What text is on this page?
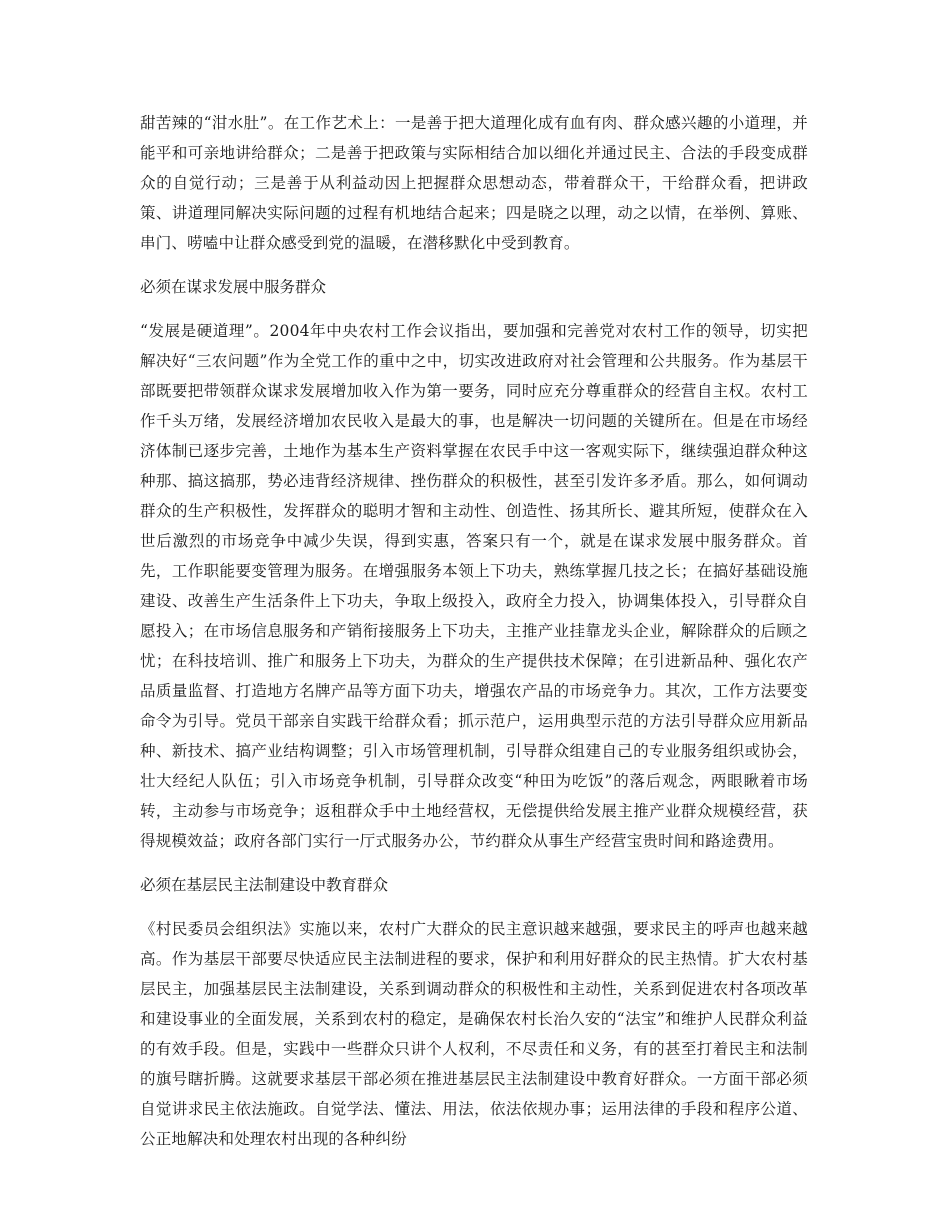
甜苦辣的“泔水肚”。在工作艺术上：一是善于把大道理化成有血有肉、群众感兴趣的小道理，并能平和可亲地讲给群众；二是善于把政策与实际相结合加以细化并通过民主、合法的手段变成群众的自觉行动；三是善于从利益动因上把握群众思想动态，带着群众干，干给群众看，把讲政策、讲道理同解决实际问题的过程有机地结合起来；四是晓之以理，动之以情，在举例、算账、串门、唠嗑中让群众感受到党的温暖，在潜移默化中受到教育。

必须在谋求发展中服务群众

“发展是硬道理”。2004年中央农村工作会议指出，要加强和完善党对农村工作的领导，切实把解决好“三农问题”作为全党工作的重中之中，切实改进政府对社会管理和公共服务。作为基层干部既要把带领群众谋求发展增加收入作为第一要务，同时应充分尊重群众的经营自主权。农村工作千头万绪，发展经济增加农民收入是最大的事，也是解决一切问题的关键所在。但是在市场经济体制已逐步完善，土地作为基本生产资料掌握在农民手中这一客观实际下，继续强迫群众种这种那、搞这搞那，势必违背经济规律、挫伤群众的积极性，甚至引发许多矛盾。那么，如何调动群众的生产积极性，发挥群众的聪明才智和主动性、创造性、扬其所长、避其所短，使群众在入世后激烈的市场竞争中减少失误，得到实惠，答案只有一个，就是在谋求发展中服务群众。首先，工作职能要变管理为服务。在增强服务本领上下功夫，熟练掌握几技之长；在搞好基础设施建设、改善生产生活条件上下功夫，争取上级投入，政府全力投入，协调集体投入，引导群众自愿投入；在市场信息服务和产销衔接服务上下功夫，主推产业挂靠龙头企业，解除群众的后顾之忧；在科技培训、推广和服务上下功夫，为群众的生产提供技术保障；在引进新品种、强化农产品质量监督、打造地方名牌产品等方面下功夫，增强农产品的市场竞争力。其次，工作方法要变命令为引导。党员干部亲自实践干给群众看；抓示范户，运用典型示范的方法引导群众应用新品种、新技术、搞产业结构调整；引入市场管理机制，引导群众组建自己的专业服务组织或协会，壮大经纪人队伍；引入市场竞争机制，引导群众改变“种田为吃饭”的落后观念，两眼瞅着市场转，主动参与市场竞争；返租群众手中土地经营权，无偿提供给发展主推产业群众规模经营，获得规模效益；政府各部门实行一厅式服务办公，节约群众从事生产经营宝贵时间和路途费用。

必须在基层民主法制建设中教育群众

《村民委员会组织法》实施以来，农村广大群众的民主意识越来越强，要求民主的呼声也越来越高。作为基层干部要尽快适应民主法制进程的要求，保护和利用好群众的民主热情。扩大农村基层民主，加强基层民主法制建设，关系到调动群众的积极性和主动性，关系到促进农村各项改革和建设事业的全面发展，关系到农村的稳定，是确保农村长治久安的“法宝”和维护人民群众利益的有效手段。但是，实践中一些群众只讲个人权利，不尽责任和义务，有的甚至打着民主和法制的旗号瞎折腾。这就要求基层干部必须在推进基层民主法制建设中教育好群众。一方面干部必须自觉讲求民主依法施政。自觉学法、懂法、用法，依法依规办事；运用法律的手段和程序公道、公正地解决和处理农村出现的各种纠纷
